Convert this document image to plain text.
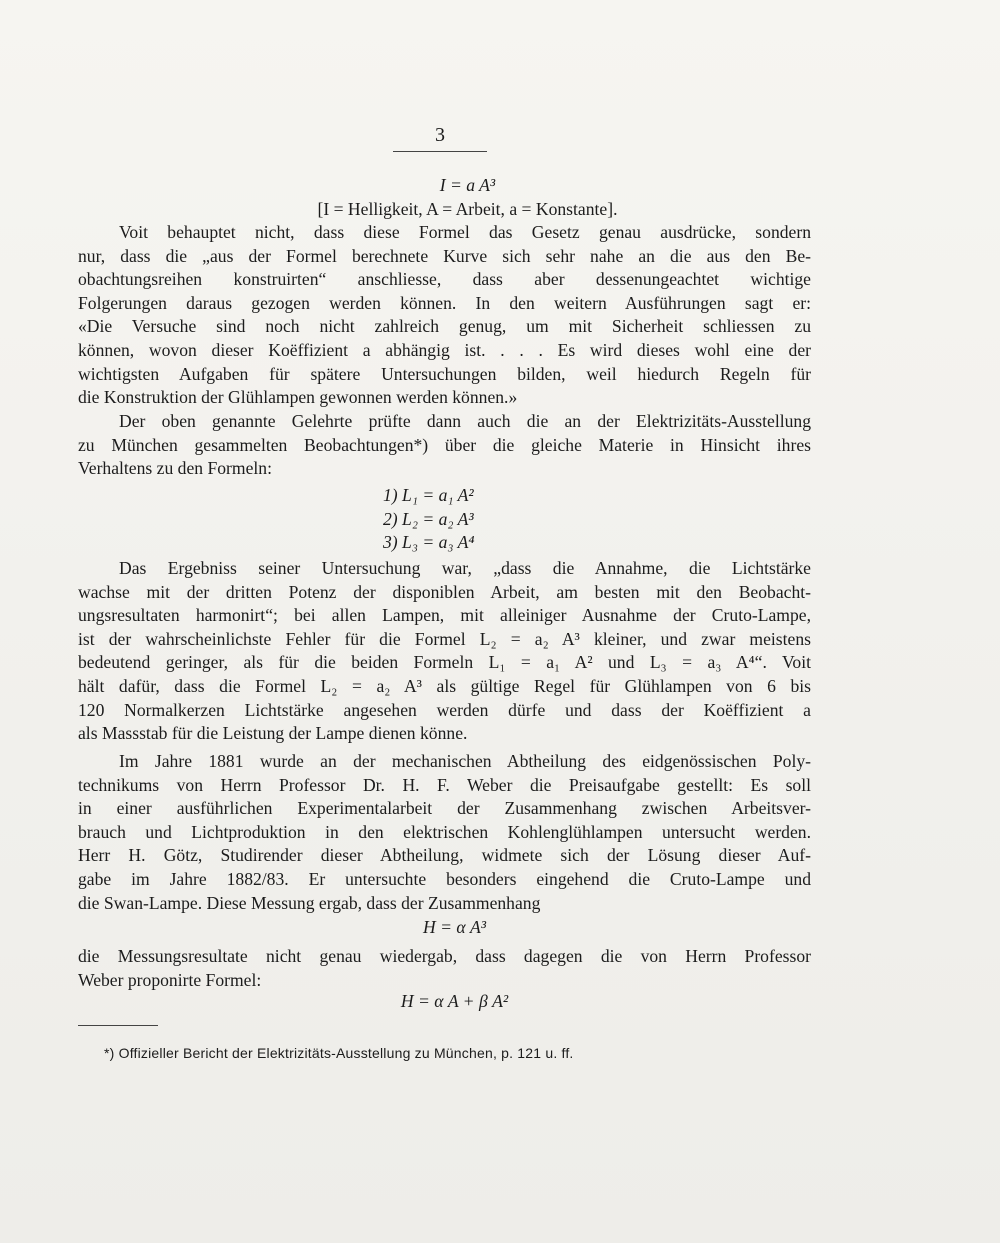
3
I = a A³
[I = Helligkeit, A = Arbeit, a = Konstante].
Voit behauptet nicht, dass diese Formel das Gesetz genau ausdrücke, sondern
nur, dass die „aus der Formel berechnete Kurve sich sehr nahe an die aus den Be-
obachtungsreihen konstruirten“ anschliesse, dass aber dessenungeachtet wichtige
Folgerungen daraus gezogen werden können. In den weitern Ausführungen sagt er:
«Die Versuche sind noch nicht zahlreich genug, um mit Sicherheit schliessen zu
können, wovon dieser Koëffizient a abhängig ist. . . . Es wird dieses wohl eine der
wichtigsten Aufgaben für spätere Untersuchungen bilden, weil hiedurch Regeln für
die Konstruktion der Glühlampen gewonnen werden können.»
Der oben genannte Gelehrte prüfte dann auch die an der Elektrizitäts-Ausstellung
zu München gesammelten Beobachtungen*) über die gleiche Materie in Hinsicht ihres
Verhaltens zu den Formeln:
1) L₁ = a₁ A²
2) L₂ = a₂ A³
3) L₃ = a₃ A⁴
Das Ergebniss seiner Untersuchung war, „dass die Annahme, die Lichtstärke
wachse mit der dritten Potenz der disponiblen Arbeit, am besten mit den Beobacht-
ungsresultaten harmonirt“; bei allen Lampen, mit alleiniger Ausnahme der Cruto-Lampe,
ist der wahrscheinlichste Fehler für die Formel L₂ = a₂ A³ kleiner, und zwar meistens
bedeutend geringer, als für die beiden Formeln L₁ = a₁ A² und L₃ = a₃ A⁴“. Voit
hält dafür, dass die Formel L₂ = a₂ A³ als gültige Regel für Glühlampen von 6 bis
120 Normalkerzen Lichtstärke angesehen werden dürfe und dass der Koëffizient a
als Massstab für die Leistung der Lampe dienen könne.
Im Jahre 1881 wurde an der mechanischen Abtheilung des eidgenössischen Poly-
technikums von Herrn Professor Dr. H. F. Weber die Preisaufgabe gestellt: Es soll
in einer ausführlichen Experimentalarbeit der Zusammenhang zwischen Arbeitsver-
brauch und Lichtproduktion in den elektrischen Kohlenglühlampen untersucht werden.
Herr H. Götz, Studirender dieser Abtheilung, widmete sich der Lösung dieser Auf-
gabe im Jahre 1882/83. Er untersuchte besonders eingehend die Cruto-Lampe und
die Swan-Lampe. Diese Messung ergab, dass der Zusammenhang
H = α A³
die Messungsresultate nicht genau wiedergab, dass dagegen die von Herrn Professor
Weber proponirte Formel:
H = α A + β A²
*) Offizieller Bericht der Elektrizitäts-Ausstellung zu München, p. 121 u. ff.
